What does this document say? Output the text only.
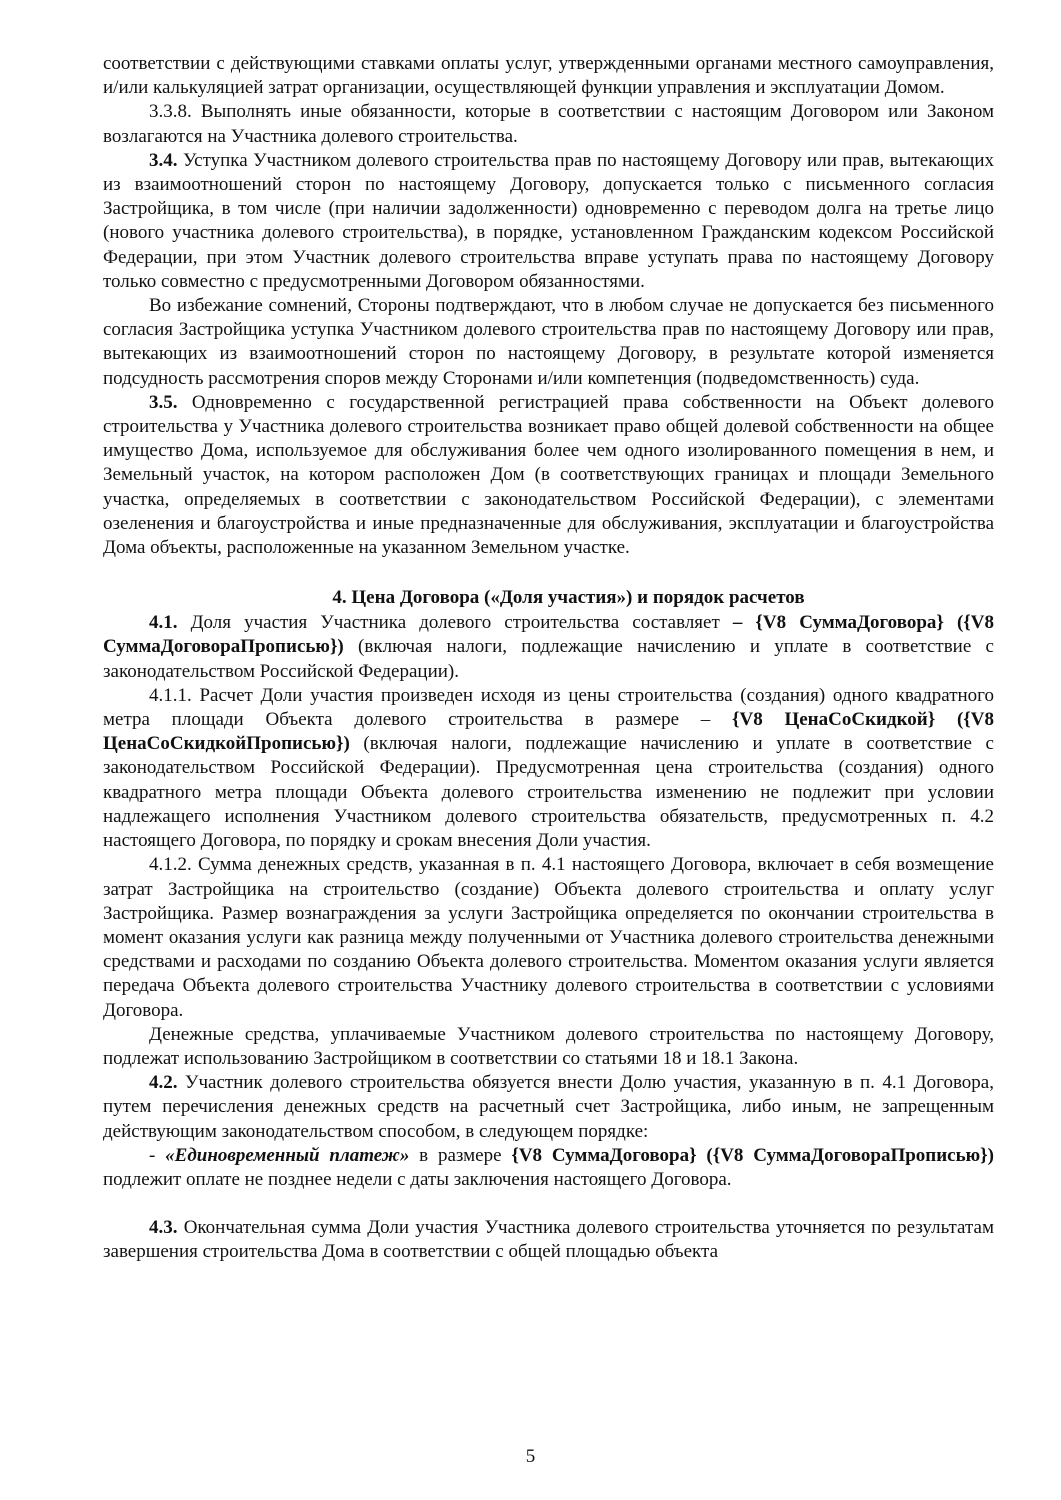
соответствии с действующими ставками оплаты услуг, утвержденными органами местного самоуправления, и/или калькуляцией затрат организации, осуществляющей функции управления и эксплуатации Домом.

3.3.8. Выполнять иные обязанности, которые в соответствии с настоящим Договором или Законом возлагаются на Участника долевого строительства.

3.4. Уступка Участником долевого строительства прав по настоящему Договору или прав, вытекающих из взаимоотношений сторон по настоящему Договору, допускается только с письменного согласия Застройщика, в том числе (при наличии задолженности) одновременно с переводом долга на третье лицо (нового участника долевого строительства), в порядке, установленном Гражданским кодексом Российской Федерации, при этом Участник долевого строительства вправе уступать права по настоящему Договору только совместно с предусмотренными Договором обязанностями.

Во избежание сомнений, Стороны подтверждают, что в любом случае не допускается без письменного согласия Застройщика уступка Участником долевого строительства прав по настоящему Договору или прав, вытекающих из взаимоотношений сторон по настоящему Договору, в результате которой изменяется подсудность рассмотрения споров между Сторонами и/или компетенция (подведомственность) суда.

3.5. Одновременно с государственной регистрацией права собственности на Объект долевого строительства у Участника долевого строительства возникает право общей долевой собственности на общее имущество Дома, используемое для обслуживания более чем одного изолированного помещения в нем, и Земельный участок, на котором расположен Дом (в соответствующих границах и площади Земельного участка, определяемых в соответствии с законодательством Российской Федерации), с элементами озеленения и благоустройства и иные предназначенные для обслуживания, эксплуатации и благоустройства Дома объекты, расположенные на указанном Земельном участке.

4. Цена Договора («Доля участия») и порядок расчетов

4.1. Доля участия Участника долевого строительства составляет – {V8 СуммаДоговора} ({V8 СуммаДоговораПрописью}) (включая налоги, подлежащие начислению и уплате в соответствие с законодательством Российской Федерации).

4.1.1. Расчет Доли участия произведен исходя из цены строительства (создания) одного квадратного метра площади Объекта долевого строительства в размере – {V8 ЦенаСоСкидкой} ({V8 ЦенаСоСкидкойПрописью}) (включая налоги, подлежащие начислению и уплате в соответствие с законодательством Российской Федерации). Предусмотренная цена строительства (создания) одного квадратного метра площади Объекта долевого строительства изменению не подлежит при условии надлежащего исполнения Участником долевого строительства обязательств, предусмотренных п. 4.2 настоящего Договора, по порядку и срокам внесения Доли участия.

4.1.2. Сумма денежных средств, указанная в п. 4.1 настоящего Договора, включает в себя возмещение затрат Застройщика на строительство (создание) Объекта долевого строительства и оплату услуг Застройщика. Размер вознаграждения за услуги Застройщика определяется по окончании строительства в момент оказания услуги как разница между полученными от Участника долевого строительства денежными средствами и расходами по созданию Объекта долевого строительства. Моментом оказания услуги является передача Объекта долевого строительства Участнику долевого строительства в соответствии с условиями Договора.

Денежные средства, уплачиваемые Участником долевого строительства по настоящему Договору, подлежат использованию Застройщиком в соответствии со статьями 18 и 18.1 Закона.

4.2. Участник долевого строительства обязуется внести Долю участия, указанную в п. 4.1 Договора, путем перечисления денежных средств на расчетный счет Застройщика, либо иным, не запрещенным действующим законодательством способом, в следующем порядке:

- «Единовременный платеж» в размере {V8 СуммаДоговора} ({V8 СуммаДоговораПрописью}) подлежит оплате не позднее недели с даты заключения настоящего Договора.

4.3. Окончательная сумма Доли участия Участника долевого строительства уточняется по результатам завершения строительства Дома в соответствии с общей площадью объекта

5
